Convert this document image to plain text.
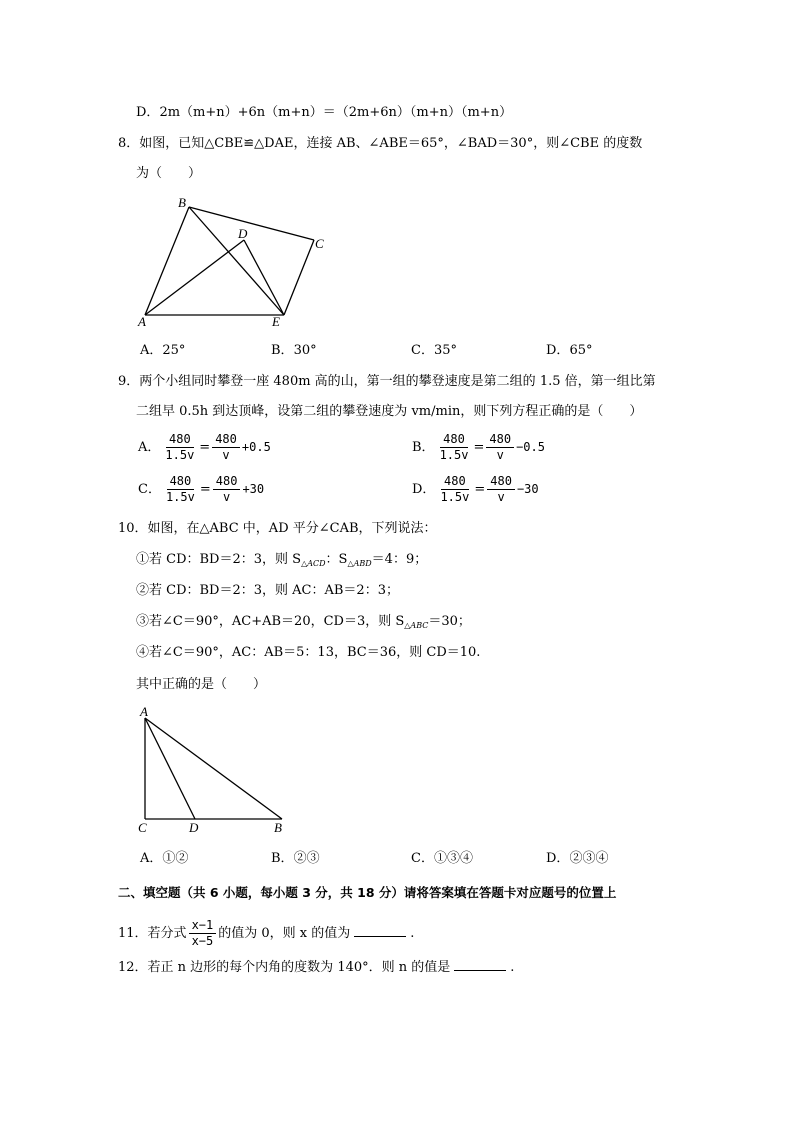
D．2m（m+n）+6n（m+n）＝（2m+6n）（m+n）（m+n）
8．如图，已知△CBE≌△DAE，连接 AB、∠ABE＝65°，∠BAD＝30°，则∠CBE 的度数
为（　　）
B
D
C
A	E
A．25°	B．30°	C．35°	D．65°
9．两个小组同时攀登一座 480m 高的山，第一组的攀登速度是第二组的 1.5 倍，第一组比第
二组早 0.5h 到达顶峰，设第二组的攀登速度为 vm/min，则下列方程正确的是（　　）
A． $\frac{480}{1.5v} = \frac{480}{v} +0.5$	B． $\frac{480}{1.5v} = \frac{480}{v} -0.5$
C． $\frac{480}{1.5v} = \frac{480}{v} +30$	D． $\frac{480}{1.5v} = \frac{480}{v} -30$
10．如图，在△ABC 中，AD 平分∠CAB，下列说法：
①若 CD：BD＝2：3，则 $S_{\triangle ACD}$：$S_{\triangle ABD}=4$：9；
②若 CD：BD＝2：3，则 AC：AB＝2：3；
③若∠C＝90°，AC+AB＝20，CD＝3，则 $S_{\triangle ABC}=30$；
④若∠C＝90°，AC：AB＝5：13，BC＝36，则 CD＝10.
其中正确的是（　　）
A
C	D	B
A．①②	B．②③	C．①③④	D．②③④
二、填空题（共 6 小题，每小题 3 分，共 18 分）请将答案填在答题卡对应题号的位置上
11．若分式 $\frac{x-1}{x-5}$ 的值为 0，则 x 的值为	.
12．若正 n 边形的每个内角的度数为 140°．则 n 的值是	.
